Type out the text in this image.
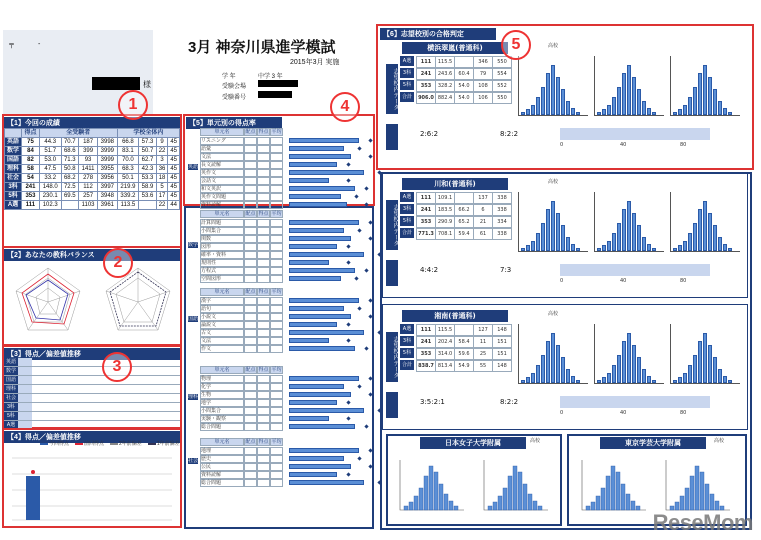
〒	-
様
3月 神奈川県進学模試
2015年3月 実施
学 年	中学 3 年
受験会場
受験番号
【1】今回の成績
	得点	全受験者				学校全体内			
英語	75	44.3	70.7	187	3998	66.8	57.3	9	45
数学	84	51.7	68.6	399	3999	83.1	50.7	22	45
国語	82	53.0	71.3	93	3999	70.0	62.7	3	45
理科	58	47.5	50.8	1411	3955	68.3	42.3	36	45
社会	54	33.2	68.2	278	3956	50.1	53.3	18	45
3科	241	148.0	72.5	112	3997	219.9	58.9	5	45
5科	353	230.1	69.5	257	3948	339.2	53.6	17	45
A選	111	102.3		1103	3961	113.5		22	44
【2】あなたの教科バランス
【3】得点／偏差値推移
英語
数学
国語
理科
社会
3科
5科
A選
【4】得点／偏差値推移
今回得点	前回得点	2年前偏差	1年前偏差
【5】単元別の得点率
英語
単元名	配点 得点 平均
リスニング
語彙
文法
長文読解
英作文
会話文
和文英訳
英作文問題
資料読解
数学
単元名	配点 得点 平均
計算問題
小問集合
関数
図形
確率・資料
規則性
方程式
空間図形
国語
単元名	配点 得点 平均
漢字
語句
小説文
論説文
古文
文法
作文
理科
単元名	配点 得点 平均
物理
化学
生物
地学
小問集合
実験・観察
総合問題
社会
単元名	配点 得点 平均
地理
歴史
公民
資料読解
総合問題
【6】志望校別の合格判定
横浜翠嵐(普通科)	高校
志望校内データ
A選	111	115.5	346	550
3科	241	243.6	60.4	79	554
5科	353	328.2	54.0	108	552
合計	906.0 882.4	54.0	106	550
2:6:2	8:2:2
0	40	80
川和(普通科)	高校
志望校内データ
A選	111	109.1	137	338
3科	241	183.5	66.2	6	338
5科	353	290.9	65.2	21	334
合計	771.3 708.1	59.4	61	338
4:4:2	7:3
0	40	80
湘南(普通科)	高校
志望校内データ
A選	111	115.5	127	148
3科	241	202.4	58.4	11	151
5科	353	314.0	59.6	25	151
合計	838.7 813.4	54.9	55	148
3:5:2:1	8:2:2
0	40	80
日本女子大学附属	高校	東京学芸大学附属	高校
1
2
3
4
5
ReseMom
